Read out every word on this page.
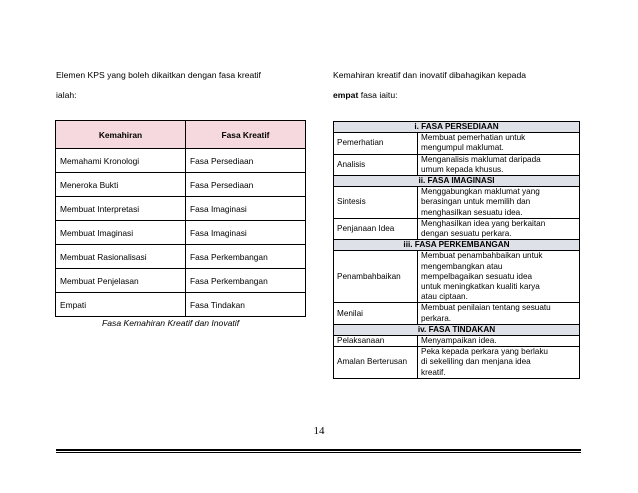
Elemen KPS yang boleh dikaitkan dengan fasa kreatif
ialah:
Kemahiran	Fasa Kreatif
Memahami Kronologi	Fasa Persediaan
Meneroka Bukti	Fasa Persediaan
Membuat Interpretasi	Fasa Imaginasi
Membuat Imaginasi	Fasa Imaginasi
Membuat Rasionalisasi	Fasa Perkembangan
Membuat Penjelasan	Fasa Perkembangan
Empati	Fasa Tindakan
Fasa Kemahiran Kreatif dan Inovatif
Kemahiran kreatif dan inovatif dibahagikan kepada
empat fasa iaitu:
i. FASA PERSEDIAAN	
Pemerhatian	Membuat pemerhatian untuk
mengumpul maklumat.

Analisis	Menganalisis maklumat daripada
umum kepada khusus.

ii. FASA IMAGINASI	
Sintesis	Menggabungkan maklumat yang
berasingan untuk memilih dan
menghasilkan sesuatu idea.

Penjanaan Idea	Menghasilkan idea yang berkaitan
dengan sesuatu perkara.

iii. FASA PERKEMBANGAN	
Penambahbaikan	Membuat penambahbaikan untuk
mengembangkan atau
mempelbagaikan sesuatu idea
untuk meningkatkan kualiti karya
atau ciptaan.

Menilai	Membuat penilaian tentang sesuatu
perkara.

iv. FASA TINDAKAN	
Pelaksanaan	Menyampaikan idea.

Amalan Berterusan	Peka kepada perkara yang berlaku
di sekeliling dan menjana idea
kreatif.
14
